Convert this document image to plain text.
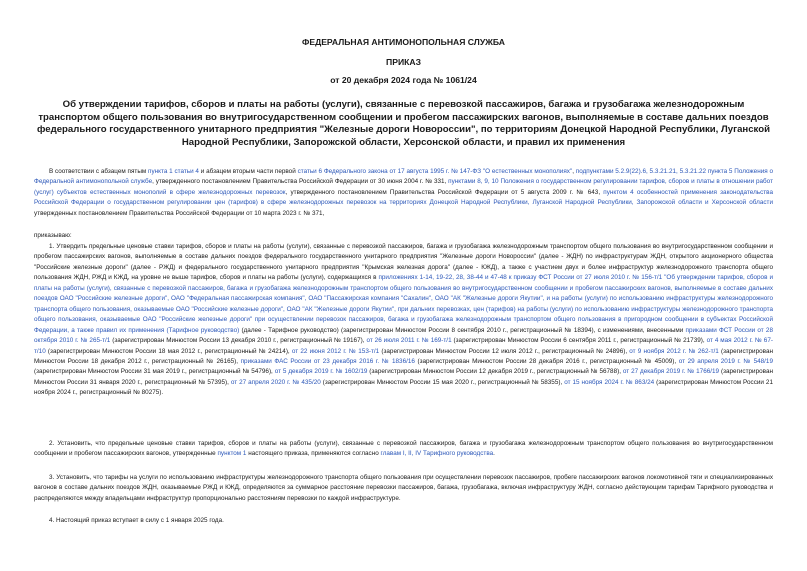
ФЕДЕРАЛЬНАЯ АНТИМОНОПОЛЬНАЯ СЛУЖБА
ПРИКАЗ
от 20 декабря 2024 года № 1061/24
Об утверждении тарифов, сборов и платы на работы (услуги), связанные с перевозкой пассажиров, багажа и грузобагажа железнодорожным транспортом общего пользования во внутригосударственном сообщении и пробегом пассажирских вагонов, выполняемые в составе дальних поездов федерального государственного унитарного предприятия "Железные дороги Новороссии", по территориям Донецкой Народной Республики, Луганской Народной Республики, Запорожской области, Херсонской области, и правил их применения
В соответствии с абзацем пятым пункта 1 статьи 4 и абзацем вторым части первой статьи 6 Федерального закона от 17 августа 1995 г. № 147-ФЗ "О естественных монополиях", подпунктами 5.2.9(22).6, 5.3.21.21, 5.3.21.22 пункта 5 Положения о Федеральной антимонопольной службе, утвержденного постановлением Правительства Российской Федерации от 30 июня 2004 г. № 331, пунктами 8, 9, 10 Положения о государственном регулировании тарифов, сборов и платы в отношении работ (услуг) субъектов естественных монополий в сфере железнодорожных перевозок, утвержденного постановлением Правительства Российской Федерации от 5 августа 2009 г. № 643, пунктом 4 особенностей применения законодательства Российской Федерации о государственном регулировании цен (тарифов) в сфере железнодорожных перевозок на территориях Донецкой Народной Республики, Луганской Народной Республики, Запорожской области и Херсонской области утвержденных постановлением Правительства Российской Федерации от 10 марта 2023 г. № 371,
приказываю:
1. Утвердить предельные ценовые ставки тарифов, сборов и платы на работы (услуги), связанные с перевозкой пассажиров, багажа и грузобагажа железнодорожным транспортом общего пользования во внутригосударственном сообщении и пробегом пассажирских вагонов, выполняемые в составе дальних поездов федерального государственного унитарного предприятия "Железные дороги Новороссии" (далее - ЖДН) по инфраструктурам ЖДН, открытого акционерного общества "Российские железные дороги" (далее - РЖД) и федерального государственного унитарного предприятия "Крымская железная дорога" (далее - КЖД), а также с участием двух и более инфраструктур железнодорожного транспорта общего пользования ЖДН, РЖД и КЖД, на уровне не выше тарифов, сборов и платы на работы (услуги), содержащихся в приложениях 1-14, 19-22, 28, 38-44 и 47-48 к приказу ФСТ России от 27 июля 2010 г. № 156-т/1 "Об утверждении тарифов, сборов и платы на работы (услуги), связанные с перевозкой пассажиров, багажа и грузобагажа железнодорожным транспортом общего пользования во внутригосударственном сообщении и пробегом пассажирских вагонов, выполняемые в составе дальних поездов ОАО "Российские железные дороги", ОАО "Федеральная пассажирская компания", ОАО "Пассажирская компания "Сахалин", ОАО "АК "Железные дороги Якутии", и на работы (услуги) по использованию инфраструктуры железнодорожного транспорта общего пользования, оказываемые ОАО "Российские железные дороги", ОАО "АК "Железные дороги Якутии", при дальних перевозках, цен (тарифов) на работы (услуги) по использованию инфраструктуры железнодорожного транспорта общего пользования, оказываемые ОАО "Российские железные дороги" при осуществлении перевозок пассажиров, багажа и грузобагажа железнодорожным транспортом общего пользования в пригородном сообщении в субъектах Российской Федерации, а также правил их применения (Тарифное руководство) (далее - Тарифное руководство) (зарегистрирован Минюстом России 8 сентября 2010 г., регистрационный № 18394), с изменениями, внесенными приказами ФСТ России от 28 октября 2010 г. № 265-т/1 (зарегистрирован Минюстом России 13 декабря 2010 г., регистрационный № 19167), от 26 июля 2011 г. № 169-т/1 (зарегистрирован Минюстом России 6 сентября 2011 г., регистрационный № 21739), от 4 мая 2012 г. № 67-т/10 (зарегистрирован Минюстом России 18 мая 2012 г., регистрационный № 24214), от 22 июня 2012 г. № 153-т/1 (зарегистрирован Минюстом России 12 июля 2012 г., регистрационный № 24896), от 9 ноября 2012 г. № 262-т/1 (зарегистрирован Минюстом России 18 декабря 2012 г., регистрационный № 26165), приказами ФАС России от 23 декабря 2016 г. № 1836/16 (зарегистрирован Минюстом России 28 декабря 2016 г., регистрационный № 45009), от 29 апреля 2019 г. № 548/19 (зарегистрирован Минюстом России 31 мая 2019 г., регистрационный № 54796), от 5 декабря 2019 г. № 1602/19 (зарегистрирован Минюстом России 12 декабря 2019 г., регистрационный № 56788), от 27 декабря 2019 г. № 1766/19 (зарегистрирован Минюстом России 31 января 2020 г., регистрационный № 57395), от 27 апреля 2020 г. № 435/20 (зарегистрирован Минюстом России 15 мая 2020 г., регистрационный № 58355), от 15 ноября 2024 г. № 863/24 (зарегистрирован Минюстом России 21 ноября 2024 г., регистрационный № 80275).
2. Установить, что предельные ценовые ставки тарифов, сборов и платы на работы (услуги), связанные с перевозкой пассажиров, багажа и грузобагажа железнодорожным транспортом общего пользования во внутригосударственном сообщении и пробегом пассажирских вагонов, утвержденные пунктом 1 настоящего приказа, применяются согласно главам I, II, IV Тарифного руководства.
3. Установить, что тарифы на услуги по использованию инфраструктуры железнодорожного транспорта общего пользования при осуществлении перевозок пассажиров, пробеге пассажирских вагонов локомотивной тяги и специализированных вагонов в составе дальних поездов ЖДН, оказываемые РЖД и КЖД, определяются за суммарное расстояние перевозки пассажиров, багажа, грузобагажа, включая инфраструктуру ЖДН, согласно действующим тарифам Тарифного руководства и распределяются между владельцами инфраструктур пропорционально расстояниям перевозки по каждой инфраструктуре.
4. Настоящий приказ вступает в силу с 1 января 2025 года.
